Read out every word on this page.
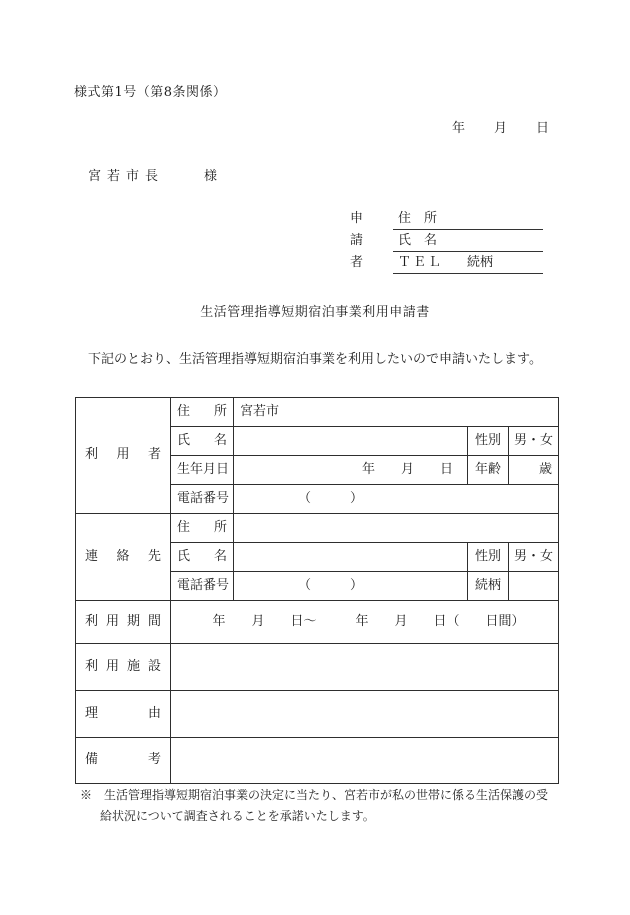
様式第1号（第8条関係）
年　　月　　日
宮若市長	様
申請者
住　所
氏　名
ＴＥＬ 続柄
生活管理指導短期宿泊事業利用申請書
下記のとおり、生活管理指導短期宿泊事業を利用したいので申請いたします。
利用者	住所	宮若市		
	氏名		性別	男・女
	生年月日	年　　月　　日	年齢	歳
	電話番号	（　　　）		
連絡先	住所			
	氏名		性別	男・女
	電話番号	（　　　）	続柄	
利用期間	年　　月　　日～　　　年　　月　　日（　　日間）			
利用施設				
理由				
備考				
※　生活管理指導短期宿泊事業の決定に当たり、宮若市が私の世帯に係る生活保護の受
給状況について調査されることを承諾いたします。
